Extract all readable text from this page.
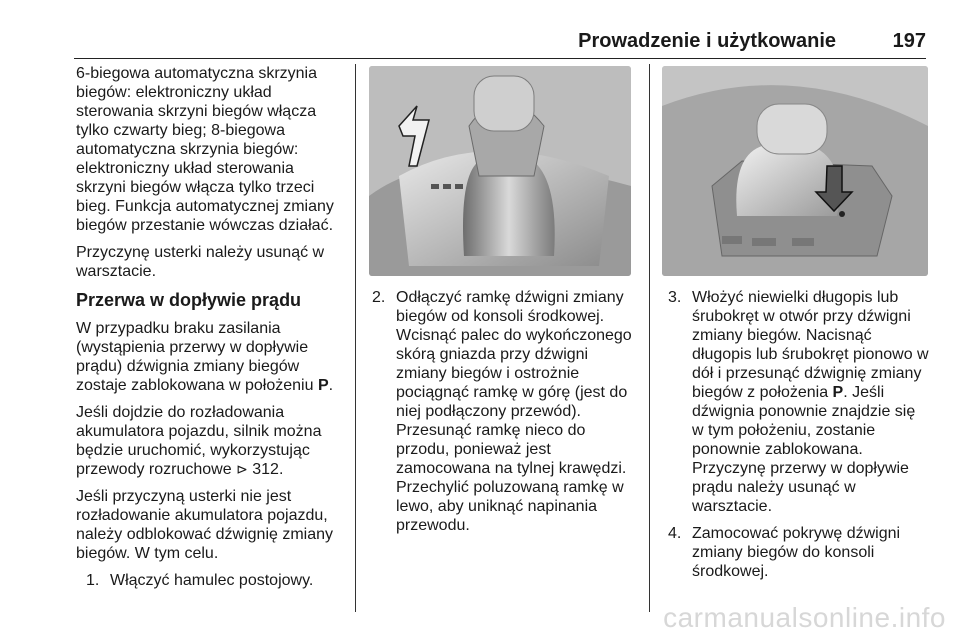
Prowadzenie i użytkowanie	197

6-biegowa automatyczna skrzynia biegów: elektroniczny układ sterowania skrzyni biegów włącza tylko czwarty bieg; 8-biegowa automatyczna skrzynia biegów: elektroniczny układ sterowania skrzyni biegów włącza tylko trzeci bieg. Funkcja automatycznej zmiany biegów przestanie wówczas działać.

Przyczynę usterki należy usunąć w warsztacie.

Przerwa w dopływie prądu

W przypadku braku zasilania (wystąpienia przerwy w dopływie prądu) dźwignia zmiany biegów zostaje zablokowana w położeniu P.

Jeśli dojdzie do rozładowania akumulatora pojazdu, silnik można będzie uruchomić, wykorzystując przewody rozruchowe ⊳ 312.

Jeśli przyczyną usterki nie jest rozładowanie akumulatora pojazdu, należy odblokować dźwignię zmiany biegów. W tym celu.

1. Włączyć hamulec postojowy.
2. Odłączyć ramkę dźwigni zmiany biegów od konsoli środkowej. Wcisnąć palec do wykończonego skórą gniazda przy dźwigni zmiany biegów i ostrożnie pociągnąć ramkę w górę (jest do niej podłączony przewód). Przesunąć ramkę nieco do przodu, ponieważ jest zamocowana na tylnej krawędzi. Przechylić poluzowaną ramkę w lewo, aby uniknąć napinania przewodu.
3. Włożyć niewielki długopis lub śrubokręt w otwór przy dźwigni zmiany biegów. Nacisnąć długopis lub śrubokręt pionowo w dół i przesunąć dźwignię zmiany biegów z położenia P. Jeśli dźwignia ponownie znajdzie się w tym położeniu, zostanie ponownie zablokowana. Przyczynę przerwy w dopływie prądu należy usunąć w warsztacie.
4. Zamocować pokrywę dźwigni zmiany biegów do konsoli środkowej.
carmanualsonline.info
